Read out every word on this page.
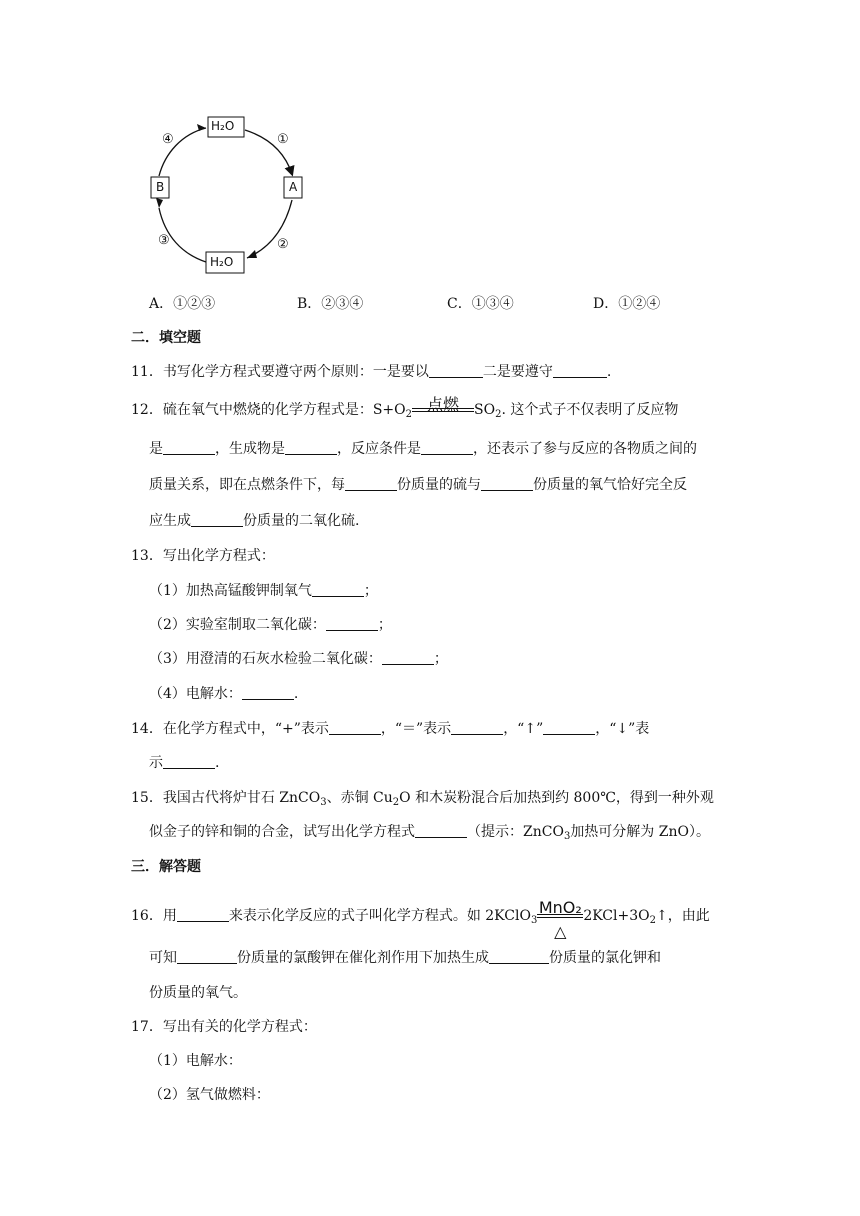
H₂O
H₂O
B	A
①
②
③
④
A．①②③	B．②③④	C．①③④	D．①②④
二．填空题
11．书写化学方程式要遵守两个原则：一是要以	二是要遵守	.
12．硫在氧气中燃烧的化学方程式是：$S+O_2$
点燃	$SO_2$. 这个式子不仅表明了反应物
是	，生成物是	，反应条件是	，还表示了参与反应的各物质之间的
质量关系，即在点燃条件下，每	份质量的硫与	份质量的氧气恰好完全反
应生成	份质量的二氧化硫.
13．写出化学方程式：
（1）加热高锰酸钾制氧气	；
（2）实验室制取二氧化碳：	；
（3）用澄清的石灰水检验二氧化碳：	；
（4）电解水：	.
14．在化学方程式中，“+”表示	，“＝”表示	，“↑”	，“↓”表
示	.
15．我国古代将炉甘石 ZnCO$_3$、赤铜 $Cu_2O$ 和木炭粉混合后加热到约 800℃，得到一种外观
似金子的锌和铜的合金，试写出化学方程式	（提示：ZnCO$_3$加热可分解为 ZnO）。
三．解答题
16．用	来表示化学反应的式子叫化学方程式。如 2KClO$_3$
MnO₂
△
$2KCl+3O_2↑$，由此
可知	份质量的氯酸钾在催化剂作用下加热生成	份质量的氯化钾和
份质量的氧气。
17．写出有关的化学方程式：
（1）电解水：
（2）氢气做燃料：
